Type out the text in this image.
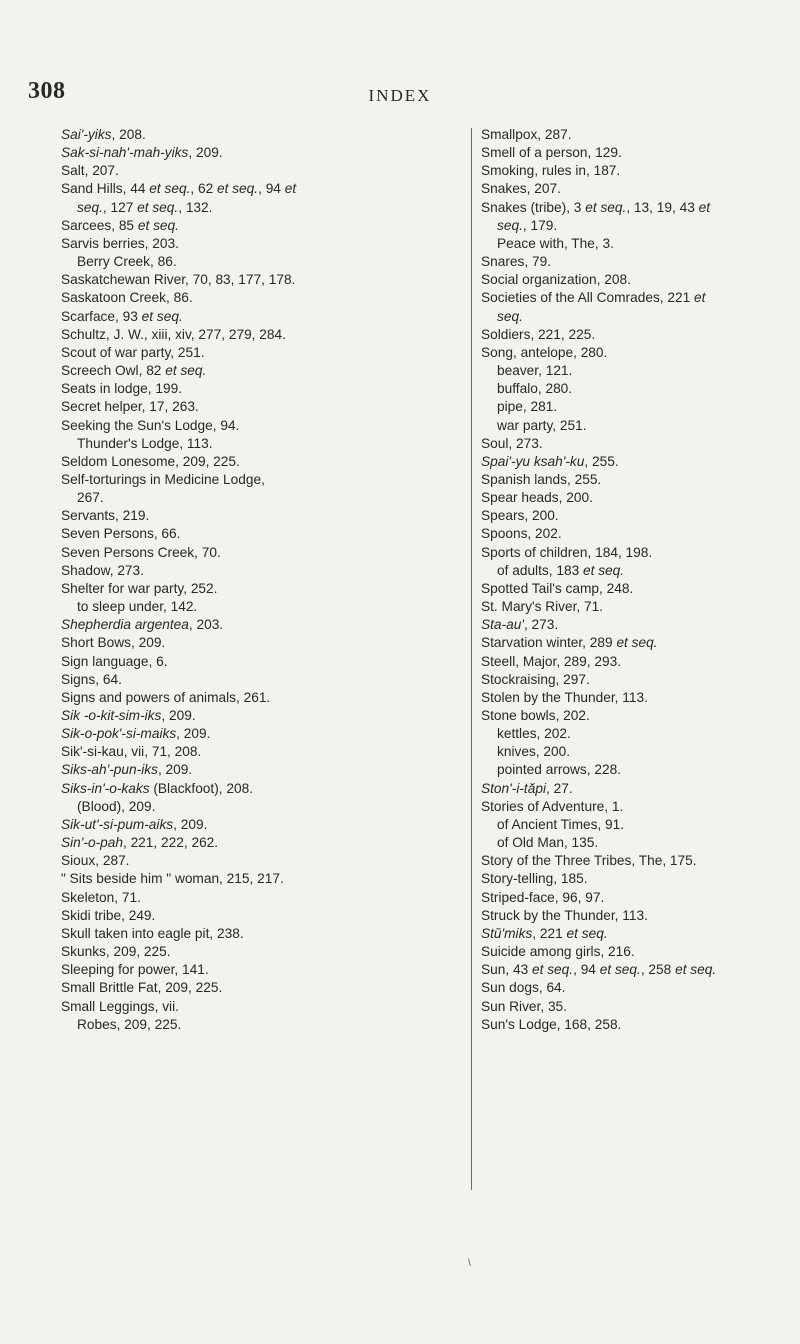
308	INDEX
Sai'-yiks, 208.
Sak-si-nah'-mah-yiks, 209.
Salt, 207.
Sand Hills, 44 et seq., 62 et seq., 94 et
seq., 127 et seq., 132.
Sarcees, 85 et seq.
Sarvis berries, 203.
Berry Creek, 86.
Saskatchewan River, 70, 83, 177, 178.
Saskatoon Creek, 86.
Scarface, 93 et seq.
Schultz, J. W., xiii, xiv, 277, 279, 284.
Scout of war party, 251.
Screech Owl, 82 et seq.
Seats in lodge, 199.
Secret helper, 17, 263.
Seeking the Sun's Lodge, 94.
Thunder's Lodge, 113.
Seldom Lonesome, 209, 225.
Self-torturings in Medicine Lodge,
267.
Servants, 219.
Seven Persons, 66.
Seven Persons Creek, 70.
Shadow, 273.
Shelter for war party, 252.
to sleep under, 142.
Shepherdia argentea, 203.
Short Bows, 209.
Sign language, 6.
Signs, 64.
Signs and powers of animals, 261.
Sik -o-kit-sim-iks, 209.
Sik-o-pok'-si-maiks, 209.
Sik'-si-kau, vii, 71, 208.
Siks-ah'-pun-iks, 209.
Siks-in'-o-kaks (Blackfoot), 208.
(Blood), 209.
Sik-ut'-si-pum-aiks, 209.
Sin'-o-pah, 221, 222, 262.
Sioux, 287.
" Sits beside him " woman, 215, 217.
Skeleton, 71.
Skidi tribe, 249.
Skull taken into eagle pit, 238.
Skunks, 209, 225.
Sleeping for power, 141.
Small Brittle Fat, 209, 225.
Small Leggings, vii.
Robes, 209, 225.
Smallpox, 287.
Smell of a person, 129.
Smoking, rules in, 187.
Snakes, 207.
Snakes (tribe), 3 et seq., 13, 19, 43 et
seq., 179.
Peace with, The, 3.
Snares, 79.
Social organization, 208.
Societies of the All Comrades, 221 et
seq.
Soldiers, 221, 225.
Song, antelope, 280.
beaver, 121.
buffalo, 280.
pipe, 281.
war party, 251.
Soul, 273.
Spai'-yu ksah'-ku, 255.
Spanish lands, 255.
Spear heads, 200.
Spears, 200.
Spoons, 202.
Sports of children, 184, 198.
of adults, 183 et seq.
Spotted Tail's camp, 248.
St. Mary's River, 71.
Sta-au', 273.
Starvation winter, 289 et seq.
Steell, Major, 289, 293.
Stockraising, 297.
Stolen by the Thunder, 113.
Stone bowls, 202.
kettles, 202.
knives, 200.
pointed arrows, 228.
Ston'-i-tăpi, 27.
Stories of Adventure, 1.
of Ancient Times, 91.
of Old Man, 135.
Story of the Three Tribes, The, 175.
Story-telling, 185.
Striped-face, 96, 97.
Struck by the Thunder, 113.
Stŭ'miks, 221 et seq.
Suicide among girls, 216.
Sun, 43 et seq., 94 et seq., 258 et seq.
Sun dogs, 64.
Sun River, 35.
Sun's Lodge, 168, 258.
\
